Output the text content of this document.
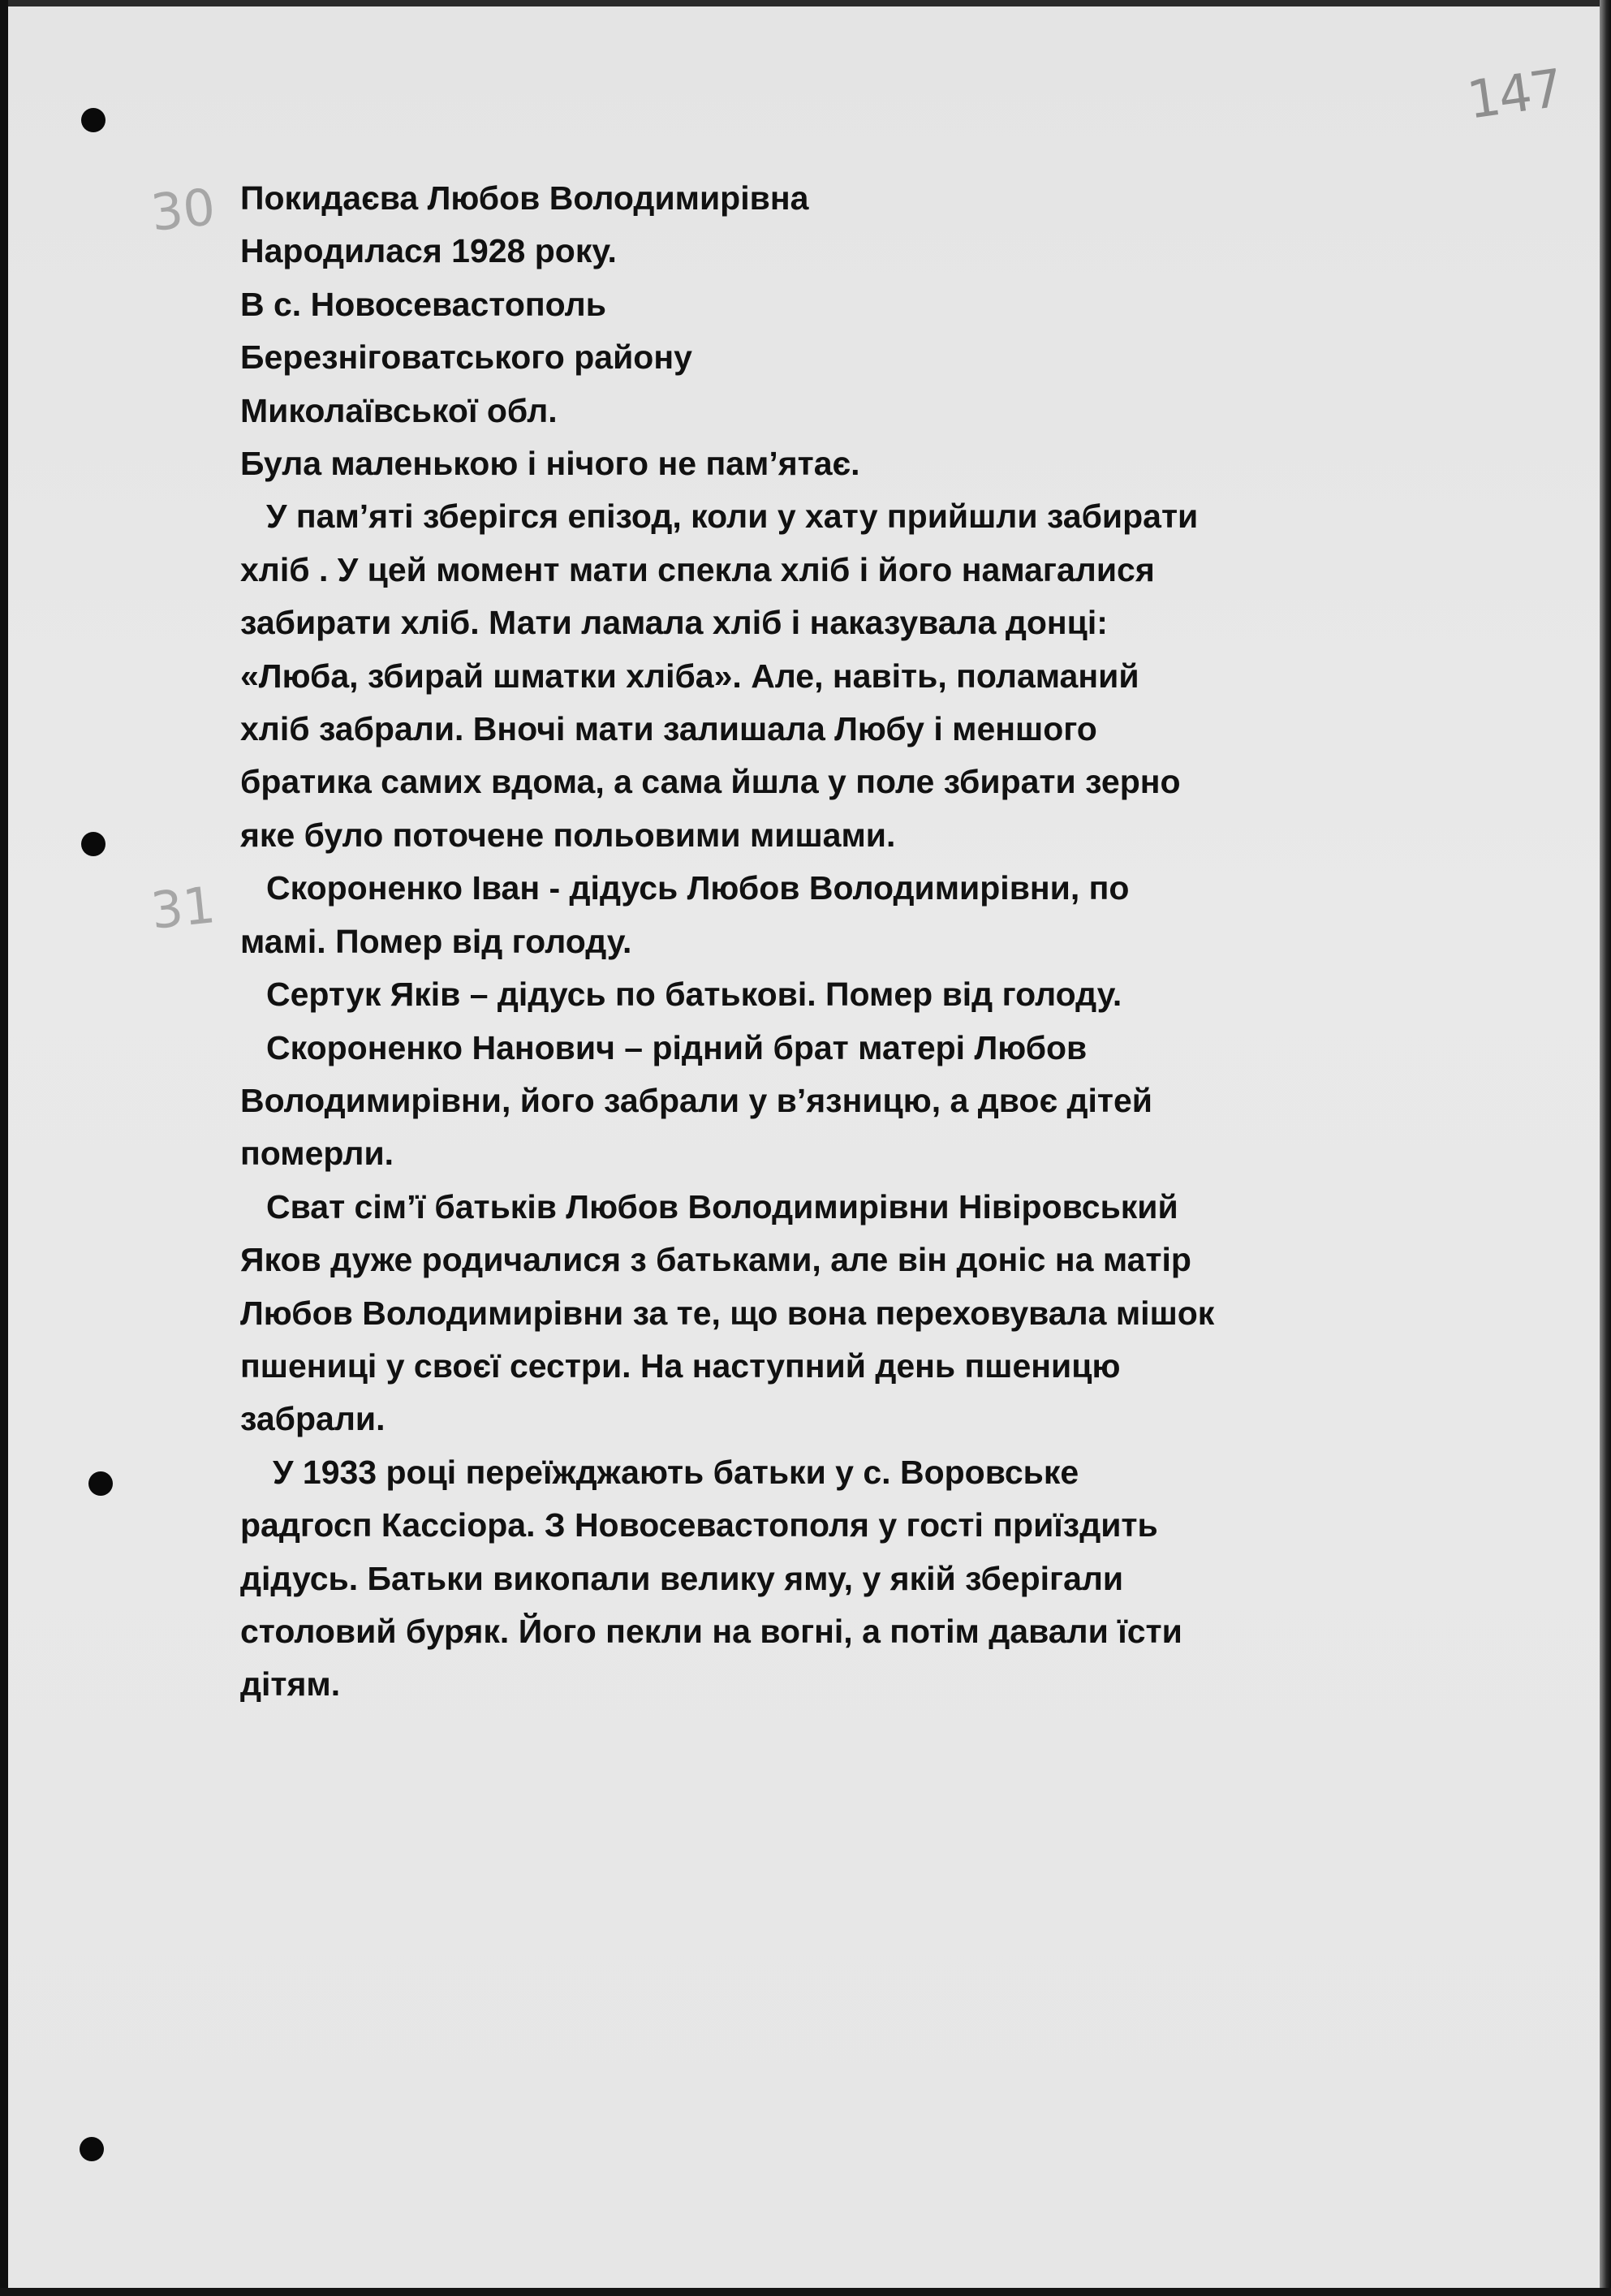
147
30
31
Покидаєва Любов Володимирівна
Народилася 1928 року.
В с. Новосевастополь
Березніговатського району
Миколаївської обл.
Була маленькою і нічого не пам’ятає.
У пам’яті зберігся епізод, коли у хату прийшли забирати
хліб . У цей момент мати спекла хліб і його намагалися
забирати хліб. Мати ламала хліб і наказувала донці:
«Люба, збирай шматки хліба». Але, навіть, поламаний
хліб забрали. Вночі мати залишала Любу і меншого
братика самих вдома, а сама йшла у поле збирати зерно
яке було поточене польовими мишами.
Скороненко Іван - дідусь Любов Володимирівни, по
мамі. Помер від голоду.
Сертук Яків – дідусь по батькові. Помер від голоду.
Скороненко Нанович – рідний брат матері Любов
Володимирівни, його забрали у в’язницю, а двоє дітей
померли.
Сват сім’ї батьків Любов Володимирівни Нівіровський
Яков дуже родичалися з батьками, але він доніс на матір
Любов Володимирівни за те, що вона переховувала мішок
пшениці у своєї сестри. На наступний день пшеницю
забрали.
У 1933 році переїжджають батьки у с. Воровське
радгосп Кассіора. З Новосевастополя у гості приїздить
дідусь. Батьки викопали велику яму, у якій зберігали
столовий буряк. Його пекли на вогні, а потім давали їсти
дітям.
